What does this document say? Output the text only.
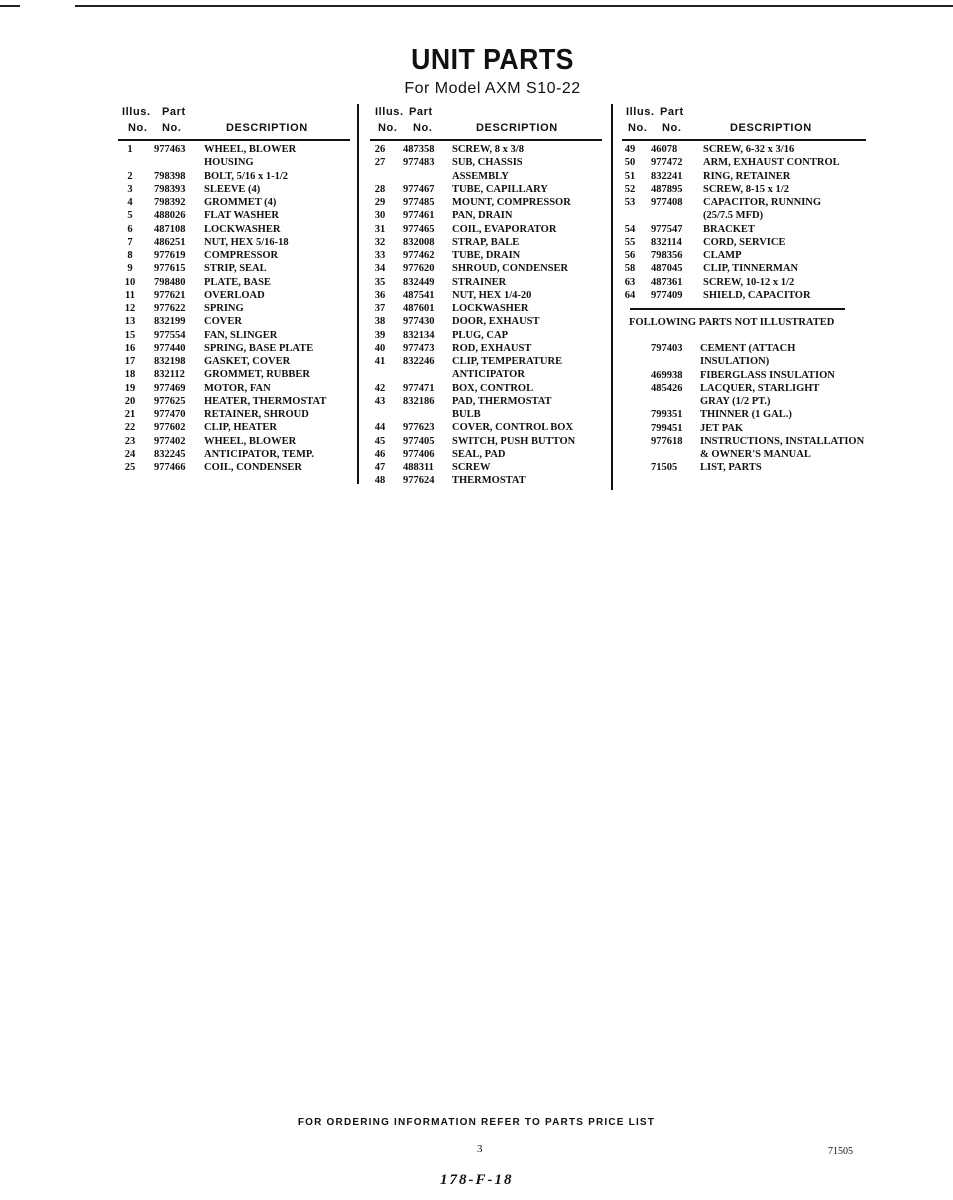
UNIT PARTS
For Model AXM S10-22
Illus. Part
No. No.	DESCRIPTION
1	977463 WHEEL, BLOWER
HOUSING
2	798398 BOLT, 5/16 x 1-1/2
3	798393 SLEEVE (4)
4	798392 GROMMET (4)
5	488026 FLAT WASHER
6	487108 LOCKWASHER
7	486251 NUT, HEX 5/16-18
8	977619 COMPRESSOR
9	977615 STRIP, SEAL
10	798480 PLATE, BASE
11	977621 OVERLOAD
12	977622 SPRING
13	832199 COVER
15	977554 FAN, SLINGER
16	977440 SPRING, BASE PLATE
17	832198 GASKET, COVER
18	832112 GROMMET, RUBBER
19	977469 MOTOR, FAN
20	977625 HEATER, THERMOSTAT
21	977470 RETAINER, SHROUD
22	977602 CLIP, HEATER
23	977402 WHEEL, BLOWER
24	832245 ANTICIPATOR, TEMP.
25	977466 COIL, CONDENSER
Illus. Part
No. No.	DESCRIPTION
26	487358 SCREW, 8 x 3/8
27	977483 SUB, CHASSIS
ASSEMBLY
28	977467 TUBE, CAPILLARY
29	977485 MOUNT, COMPRESSOR
30	977461 PAN, DRAIN
31	977465 COIL, EVAPORATOR
32	832008 STRAP, BALE
33	977462 TUBE, DRAIN
34	977620 SHROUD, CONDENSER
35	832449 STRAINER
36	487541 NUT, HEX 1/4-20
37	487601 LOCKWASHER
38	977430 DOOR, EXHAUST
39	832134 PLUG, CAP
40	977473 ROD, EXHAUST
41	832246 CLIP, TEMPERATURE
ANTICIPATOR
42	977471 BOX, CONTROL
43	832186 PAD, THERMOSTAT
BULB
44	977623 COVER, CONTROL BOX
45	977405 SWITCH, PUSH BUTTON
46	977406 SEAL, PAD
47	488311 SCREW
48	977624 THERMOSTAT
Illus. Part
No. No.	DESCRIPTION
FOLLOWING PARTS NOT ILLUSTRATED
49	46078 SCREW, 6-32 x 3/16
50	977472 ARM, EXHAUST CONTROL
51	832241 RING, RETAINER
52	487895 SCREW, 8-15 x 1/2
53	977408 CAPACITOR, RUNNING
(25/7.5 MFD)
54	977547 BRACKET
55	832114 CORD, SERVICE
56	798356 CLAMP
58	487045 CLIP, TINNERMAN
63	487361 SCREW, 10-12 x 1/2
64	977409 SHIELD, CAPACITOR
797403 CEMENT (ATTACH
INSULATION)
469938 FIBERGLASS INSULATION
485426 LACQUER, STARLIGHT
GRAY (1/2 PT.)
799351 THINNER (1 GAL.)
799451 JET PAK
977618 INSTRUCTIONS, INSTALLATION
& OWNER'S MANUAL
71505 LIST, PARTS
FOR ORDERING INFORMATION REFER TO PARTS PRICE LIST
3	71505
178-F-18
